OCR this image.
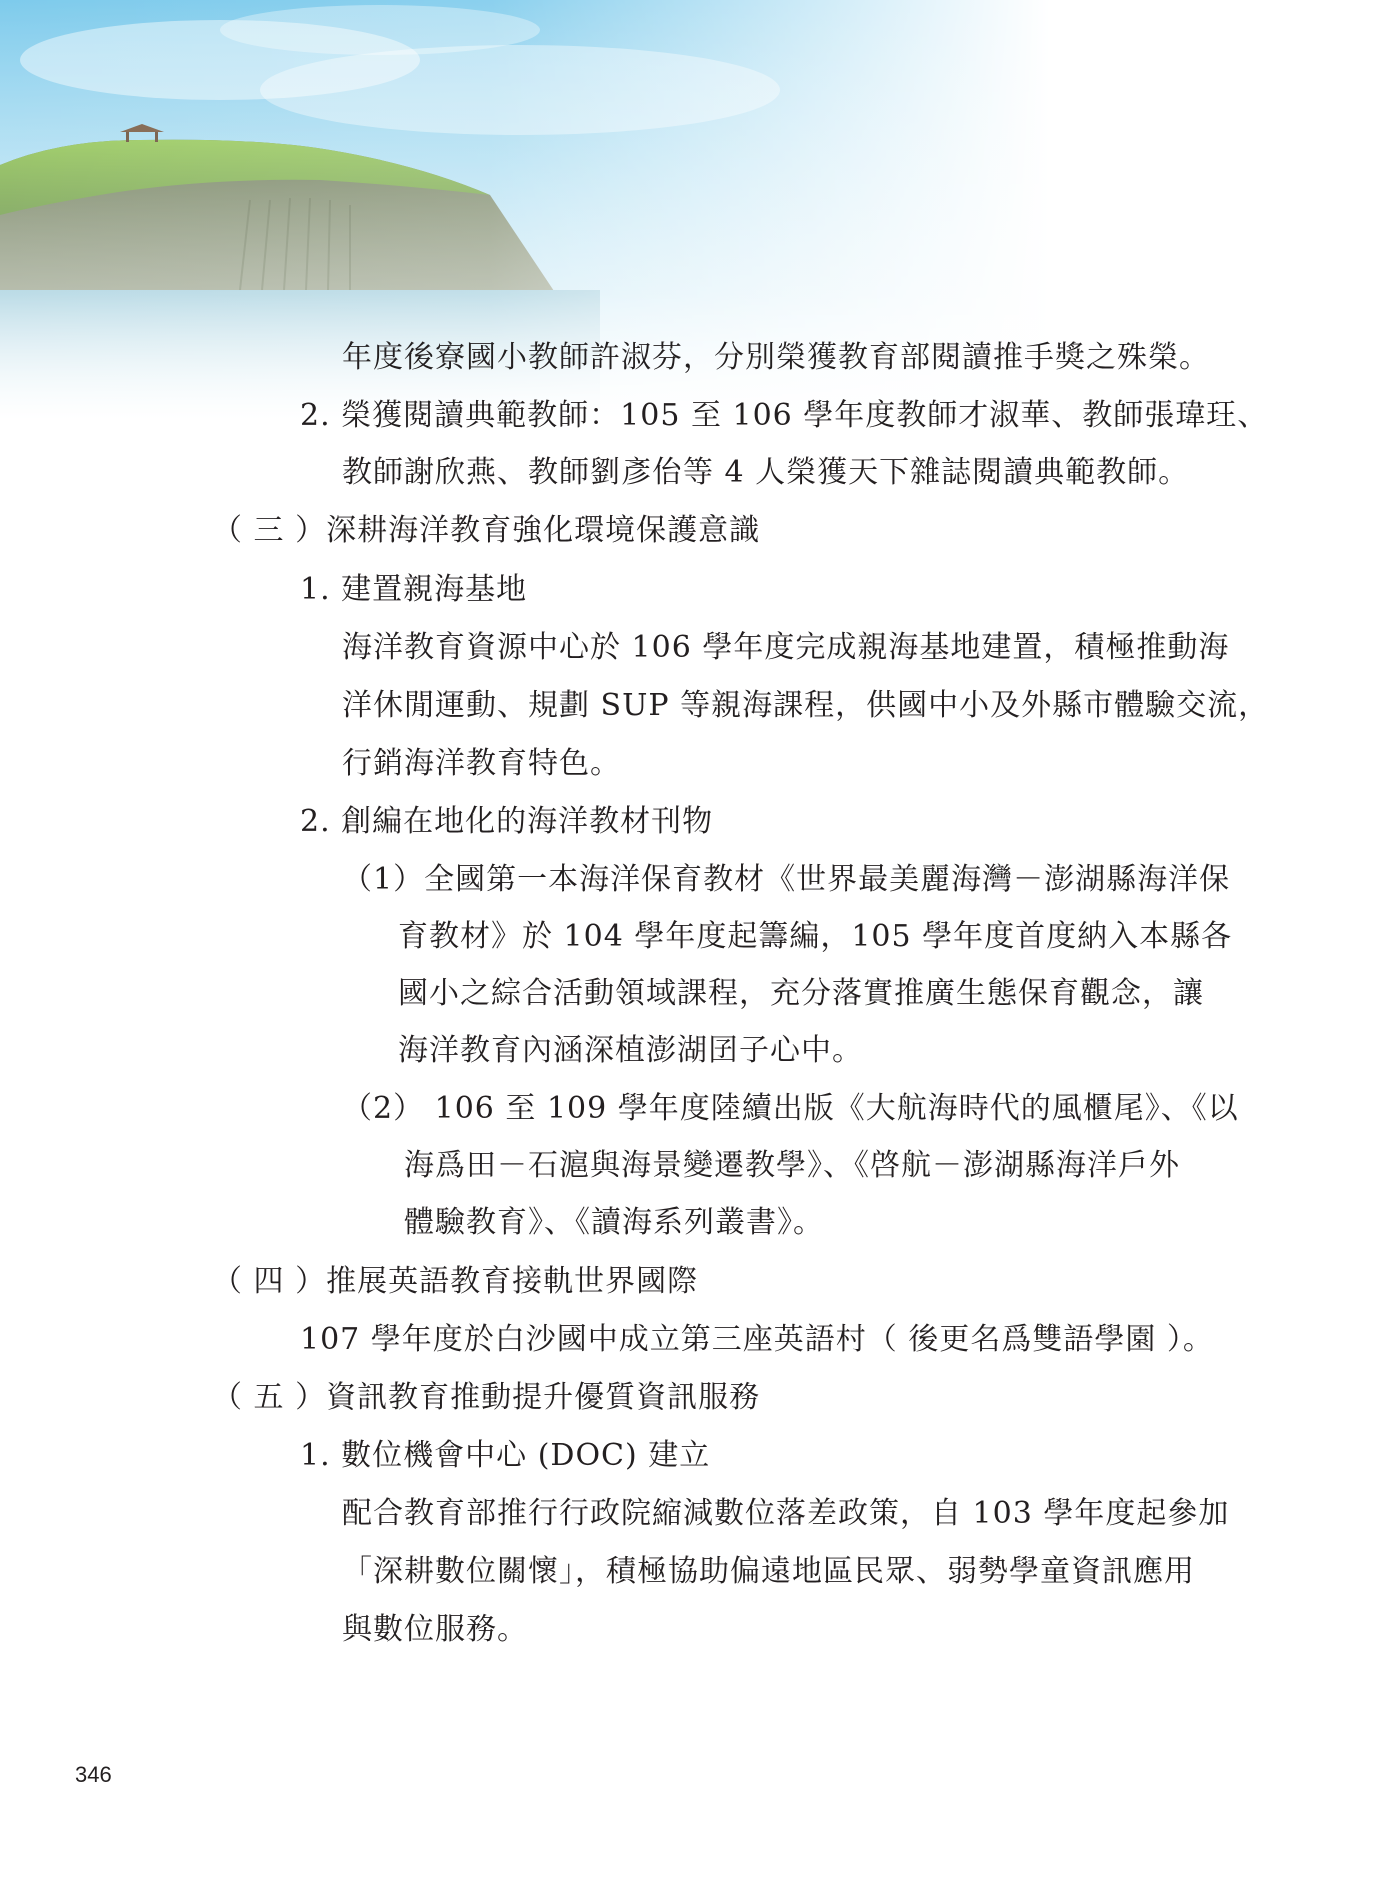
年度後寮國小教師許淑芬，分別榮獲教育部閱讀推手獎之殊榮。
2. 榮獲閱讀典範教師：105 至 106 學年度教師才淑華、教師張瑋玨、
教師謝欣燕、教師劉彥佁等 4 人榮獲天下雜誌閱讀典範教師。
（ 三 ）深耕海洋教育強化環境保護意識
1. 建置親海基地
海洋教育資源中心於 106 學年度完成親海基地建置，積極推動海
洋休閒運動、規劃 SUP 等親海課程，供國中小及外縣市體驗交流，
行銷海洋教育特色。
2. 創編在地化的海洋教材刊物
（1）全國第一本海洋保育教材《世界最美麗海灣－澎湖縣海洋保
育教材》於 104 學年度起籌編，105 學年度首度納入本縣各
國小之綜合活動領域課程，充分落實推廣生態保育觀念，讓
海洋教育內涵深植澎湖囝子心中。
（2） 106 至 109 學年度陸續出版《大航海時代的風櫃尾》、《以
海爲田－石滬與海景變遷教學》、《啓航－澎湖縣海洋戶外
體驗教育》、《讀海系列叢書》。
（ 四 ）推展英語教育接軌世界國際
107 學年度於白沙國中成立第三座英語村（ 後更名爲雙語學園 ）。
（ 五 ）資訊教育推動提升優質資訊服務
1. 數位機會中心 (DOC) 建立
配合教育部推行行政院縮減數位落差政策，自 103 學年度起參加
「深耕數位關懷」，積極協助偏遠地區民眾、弱勢學童資訊應用
與數位服務。
346
